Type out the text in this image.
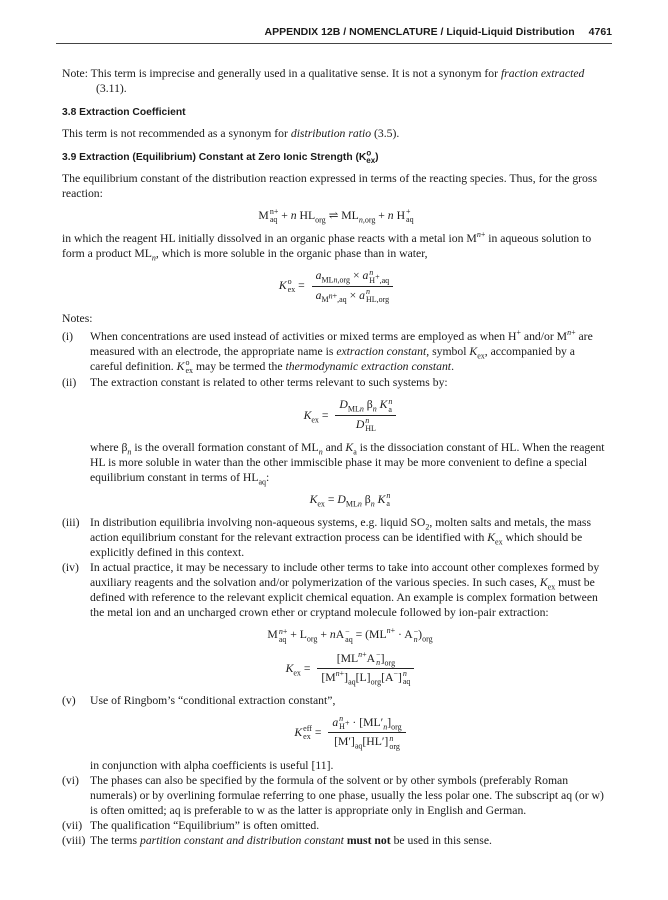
APPENDIX 12B / NOMENCLATURE / Liquid-Liquid Distribution 4761

Note: This term is imprecise and generally used in a qualitative sense. It is not a synonym for fraction extracted (3.11).

3.8 Extraction Coefficient

This term is not recommended as a synonym for distribution ratio (3.5).

3.9 Extraction (Equilibrium) Constant at Zero Ionic Strength $(K^o_{ex})$

The equilibrium constant of the distribution reaction expressed in terms of the reacting species. Thus, for the gross reaction:

M n+
aq + n $HL_{org}$ ⇌ $ML_{n,org} + n$ H +
aq

in which the reagent HL initially dissolved in an organic phase reacts with a metal ion $M^{n+}$ in aqueous solution to form a product $ML_n$, which is more soluble in the organic phase than in water,

K o
ex = $a_{MLn,org} \times a$ n
H+,aq
$a_{M^{n+},aq} \times a$ n
HL,org

Notes:

(i) When concentrations are used instead of activities or mixed terms are employed as when H+ and/or $M^{n+}$ are measured with an electrode, the appropriate name is extraction constant, symbol $K_{ex}$, accompanied by a careful definition. K o
ex may be termed the thermodynamic extraction constant.
(ii) The extraction constant is related to other terms relevant to such systems by:
$K_{ex} = D_{MLn}$ $\beta_n$ K n
a
D n
HL
where $\beta_n$ is the overall formation constant of $ML_n$ and $K_a$ is the dissociation constant of HL. When the reagent HL is more soluble in water than the other immiscible phase it may be more convenient to define a special equilibrium constant in terms of $HL_{aq}$:
$K_{ex} = D_{MLn}$ $\beta_n$ K n
a
(iii) In distribution equilibria involving non-aqueous systems, e.g. liquid $SO_2$, molten salts and metals, the mass action equilibrium constant for the relevant extraction process can be identified with $K_{ex}$ which should be explicitly defined in this context.
(iv) In actual practice, it may be necessary to include other terms to take into account other complexes formed by auxiliary reagents and the solvation and/or polymerization of the various species. In such cases, $K_{ex}$ must be defined with reference to the relevant explicit chemical equation. An example is complex formation between the metal ion and an uncharged crown ether or cryptand molecule followed by ion-pair extraction:
M n+
aq + $L_{org}$ + nA −
aq = ($ML^{n+} \cdot A$ −
n )$_{org}$
$K_{ex} = [ML^{n+}A$ −
n ]$_{org}$
$[M^{n+}]_{aq}[L]_{org}[A^-]$ n
aq
(v) Use of Ringbom’s “conditional extraction constant”,
K eff
ex = a n
$H^+ \cdot [ML'_n]_{org}$
$[M']_{aq}[HL']$ n
org
in conjunction with alpha coefficients is useful [11].
(vi) The phases can also be specified by the formula of the solvent or by other symbols (preferably Roman numerals) or by overlining formulae referring to one phase, usually the less polar one. The subscript aq (or w) is often omitted; aq is preferable to w as the latter is appropriate only in English and German.
(vii) The qualification “Equilibrium” is often omitted.
(viii) The terms partition constant and distribution constant must not be used in this sense.
